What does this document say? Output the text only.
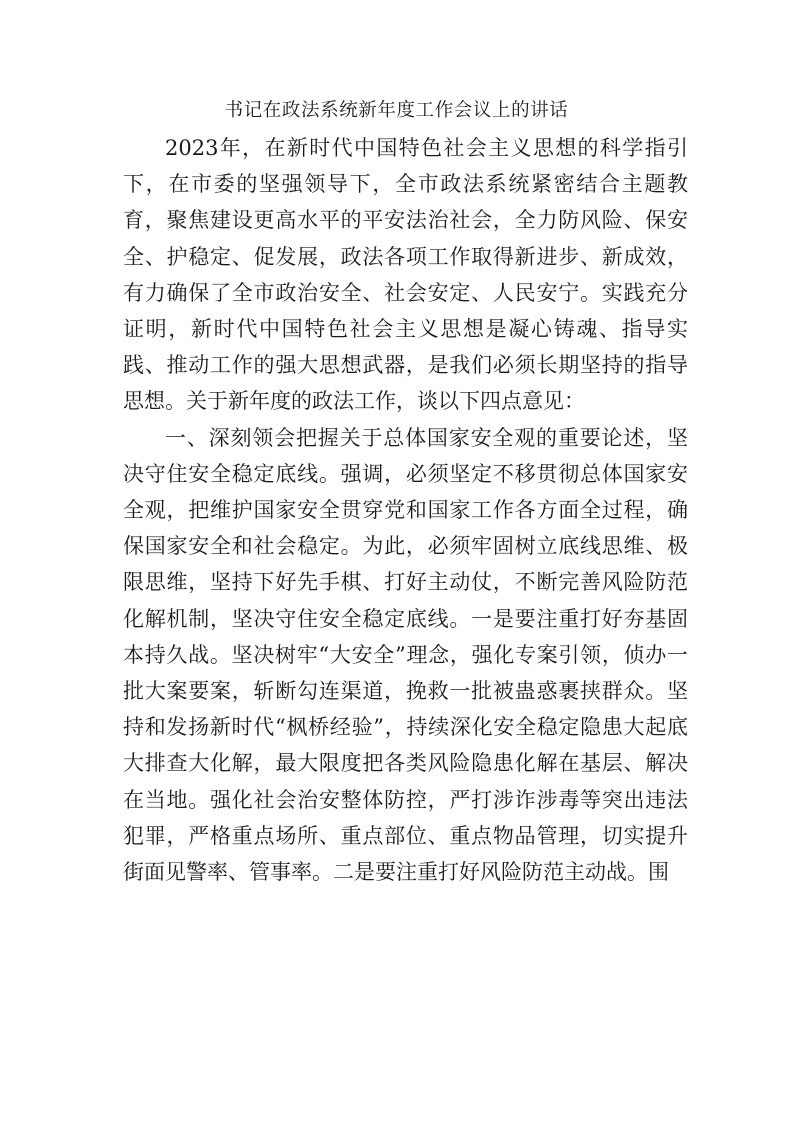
书记在政法系统新年度工作会议上的讲话

2023年，在新时代中国特色社会主义思想的科学指引下，在市委的坚强领导下，全市政法系统紧密结合主题教育，聚焦建设更高水平的平安法治社会，全力防风险、保安全、护稳定、促发展，政法各项工作取得新进步、新成效，有力确保了全市政治安全、社会安定、人民安宁。实践充分证明，新时代中国特色社会主义思想是凝心铸魂、指导实践、推动工作的强大思想武器，是我们必须长期坚持的指导思想。关于新年度的政法工作，谈以下四点意见：

一、深刻领会把握关于总体国家安全观的重要论述，坚决守住安全稳定底线。强调，必须坚定不移贯彻总体国家安全观，把维护国家安全贯穿党和国家工作各方面全过程，确保国家安全和社会稳定。为此，必须牢固树立底线思维、极限思维，坚持下好先手棋、打好主动仗，不断完善风险防范化解机制，坚决守住安全稳定底线。一是要注重打好夯基固本持久战。坚决树牢“大安全”理念，强化专案引领，侦办一批大案要案，斩断勾连渠道，挽救一批被蛊惑裹挟群众。坚持和发扬新时代“枫桥经验”，持续深化安全稳定隐患大起底大排查大化解，最大限度把各类风险隐患化解在基层、解决在当地。强化社会治安整体防控，严打涉诈涉毒等突出违法犯罪，严格重点场所、重点部位、重点物品管理，切实提升街面见警率、管事率。二是要注重打好风险防范主动战。围
